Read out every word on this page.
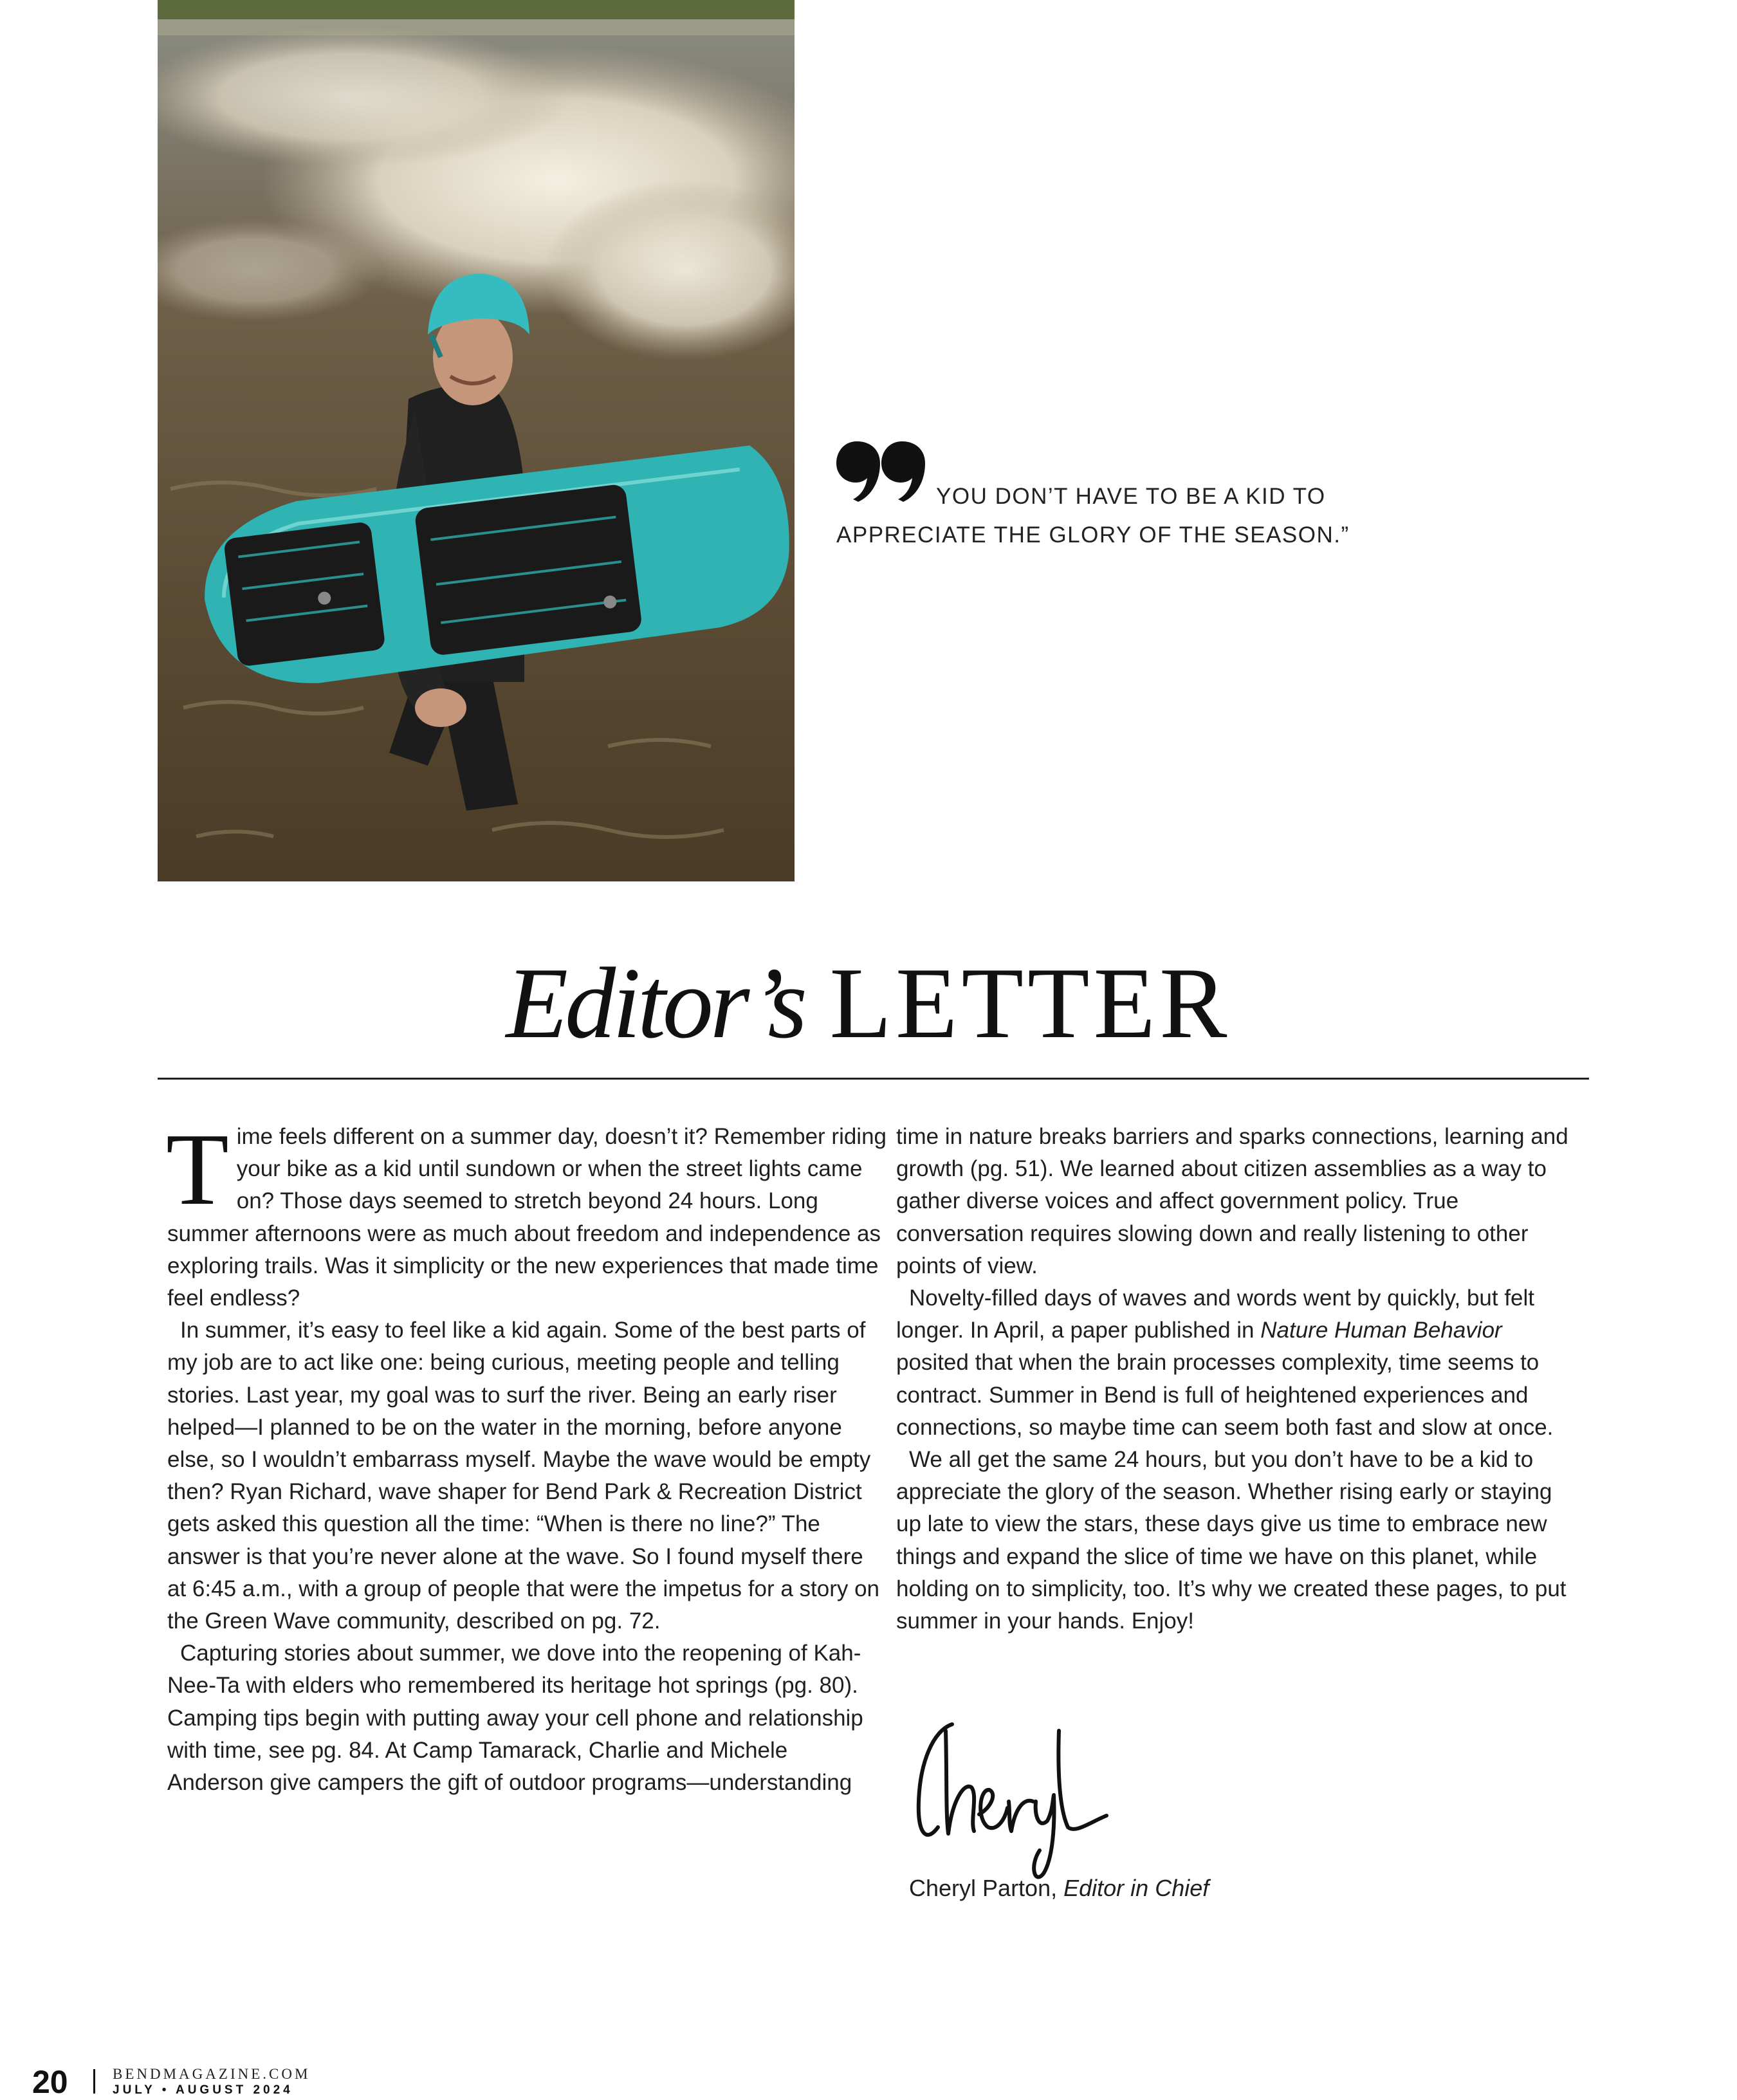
YOU DON’T HAVE TO BE A KID TO
APPRECIATE THE GLORY OF THE SEASON.”
Editor’s LETTER

Time feels different on a summer day, doesn’t it? Remember riding your bike as a kid until sundown or when the street lights came on? Those days seemed to stretch beyond 24 hours. Long summer afternoons were as much about freedom and independence as exploring trails. Was it simplicity or the new experiences that made time feel endless?

In summer, it’s easy to feel like a kid again. Some of the best parts of my job are to act like one: being curious, meeting people and telling stories. Last year, my goal was to surf the river. Being an early riser helped—I planned to be on the water in the morning, before anyone else, so I wouldn’t embarrass myself. Maybe the wave would be empty then? Ryan Richard, wave shaper for Bend Park & Recreation District gets asked this question all the time: “When is there no line?” The answer is that you’re never alone at the wave. So I found myself there at 6:45 a.m., with a group of people that were the impetus for a story on the Green Wave community, described on pg. 72.

Capturing stories about summer, we dove into the reopening of Kah-Nee-Ta with elders who remembered its heritage hot springs (pg. 80). Camping tips begin with putting away your cell phone and relationship with time, see pg. 84. At Camp Tamarack, Charlie and Michele Anderson give campers the gift of outdoor programs—understanding

time in nature breaks barriers and sparks connections, learning and growth (pg. 51). We learned about citizen assemblies as a way to gather diverse voices and affect government policy. True conversation requires slowing down and really listening to other points of view.

Novelty-filled days of waves and words went by quickly, but felt longer. In April, a paper published in Nature Human Behavior posited that when the brain processes complexity, time seems to contract. Summer in Bend is full of heightened experiences and connections, so maybe time can seem both fast and slow at once.

We all get the same 24 hours, but you don’t have to be a kid to appreciate the glory of the season. Whether rising early or staying up late to view the stars, these days give us time to embrace new things and expand the slice of time we have on this planet, while holding on to simplicity, too. It’s why we created these pages, to put summer in your hands. Enjoy!

Cheryl Parton, Editor in Chief
20	BENDMAGAZINE.COM
JULY • AUGUST 2024
